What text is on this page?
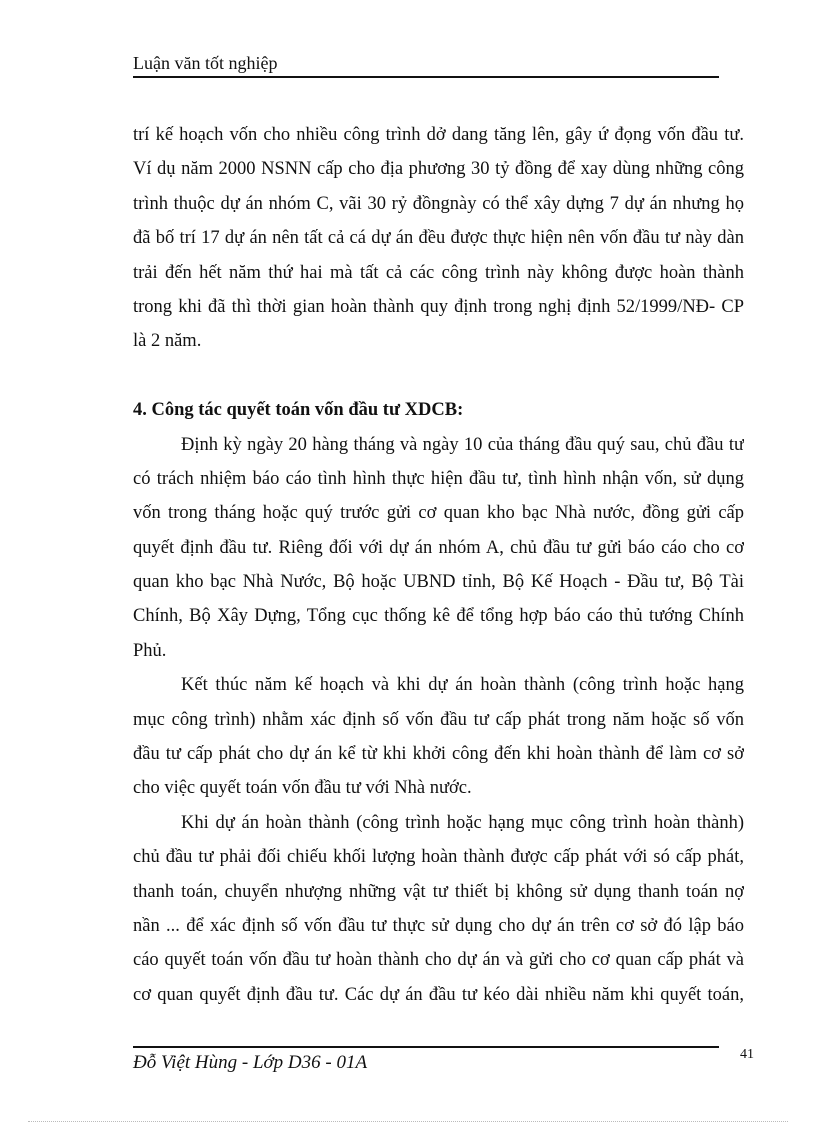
Luận văn tốt nghiệp
trí kế hoạch vốn cho nhiều công trình dở dang tăng lên, gây ứ đọng vốn đầu tư.
Ví dụ năm 2000 NSNN cấp cho địa phương 30 tỷ đồng để xay dùng những công
trình thuộc dự án nhóm C, vãi 30 rỷ đồngnày có thể xây dựng 7 dự án nhưng họ
đã bố trí 17 dự án nên tất cả cá dự án đều được thực hiện nên vốn đầu tư này dàn
trải đến hết năm thứ hai mà tất cả các công trình này không được hoàn thành
trong khi đã thì thời gian hoàn thành quy định trong nghị định 52/1999/NĐ- CP
là 2 năm.
4. Công tác quyết toán vốn đầu tư XDCB:
Định kỳ ngày 20 hàng tháng và ngày 10 của tháng đầu quý sau, chủ đầu tư
có trách nhiệm báo cáo tình hình thực hiện đầu tư, tình hình nhận vốn, sử dụng
vốn trong tháng hoặc quý trước gửi cơ quan kho bạc Nhà nước, đồng gửi cấp
quyết định đầu tư. Riêng đối với dự án nhóm A, chủ đầu tư gửi báo cáo cho cơ
quan kho bạc Nhà Nước, Bộ hoặc UBND tỉnh, Bộ Kế Hoạch - Đầu tư, Bộ Tài
Chính, Bộ Xây Dựng, Tổng cục thống kê để tổng hợp báo cáo thủ tướng Chính
Phủ.
Kết thúc năm kế hoạch và khi dự án hoàn thành (công trình hoặc hạng
mục công trình) nhằm xác định số vốn đầu tư cấp phát trong năm hoặc số vốn
đầu tư cấp phát cho dự án kể từ khi khởi công đến khi hoàn thành để làm cơ sở
cho việc quyết toán vốn đầu tư với Nhà nước.
Khi dự án hoàn thành (công trình hoặc hạng mục công trình hoàn thành)
chủ đầu tư phải đối chiếu khối lượng hoàn thành được cấp phát với só cấp phát,
thanh toán, chuyển nhượng những vật tư thiết bị không sử dụng thanh toán nợ
nần ... để xác định số vốn đầu tư thực sử dụng cho dự án trên cơ sở đó lập báo
cáo quyết toán vốn đầu tư hoàn thành cho dự án và gửi cho cơ quan cấp phát và
cơ quan quyết định đầu tư. Các dự án đầu tư kéo dài nhiều năm khi quyết toán,
Đỗ Việt Hùng - Lớp D36 - 01A	41
